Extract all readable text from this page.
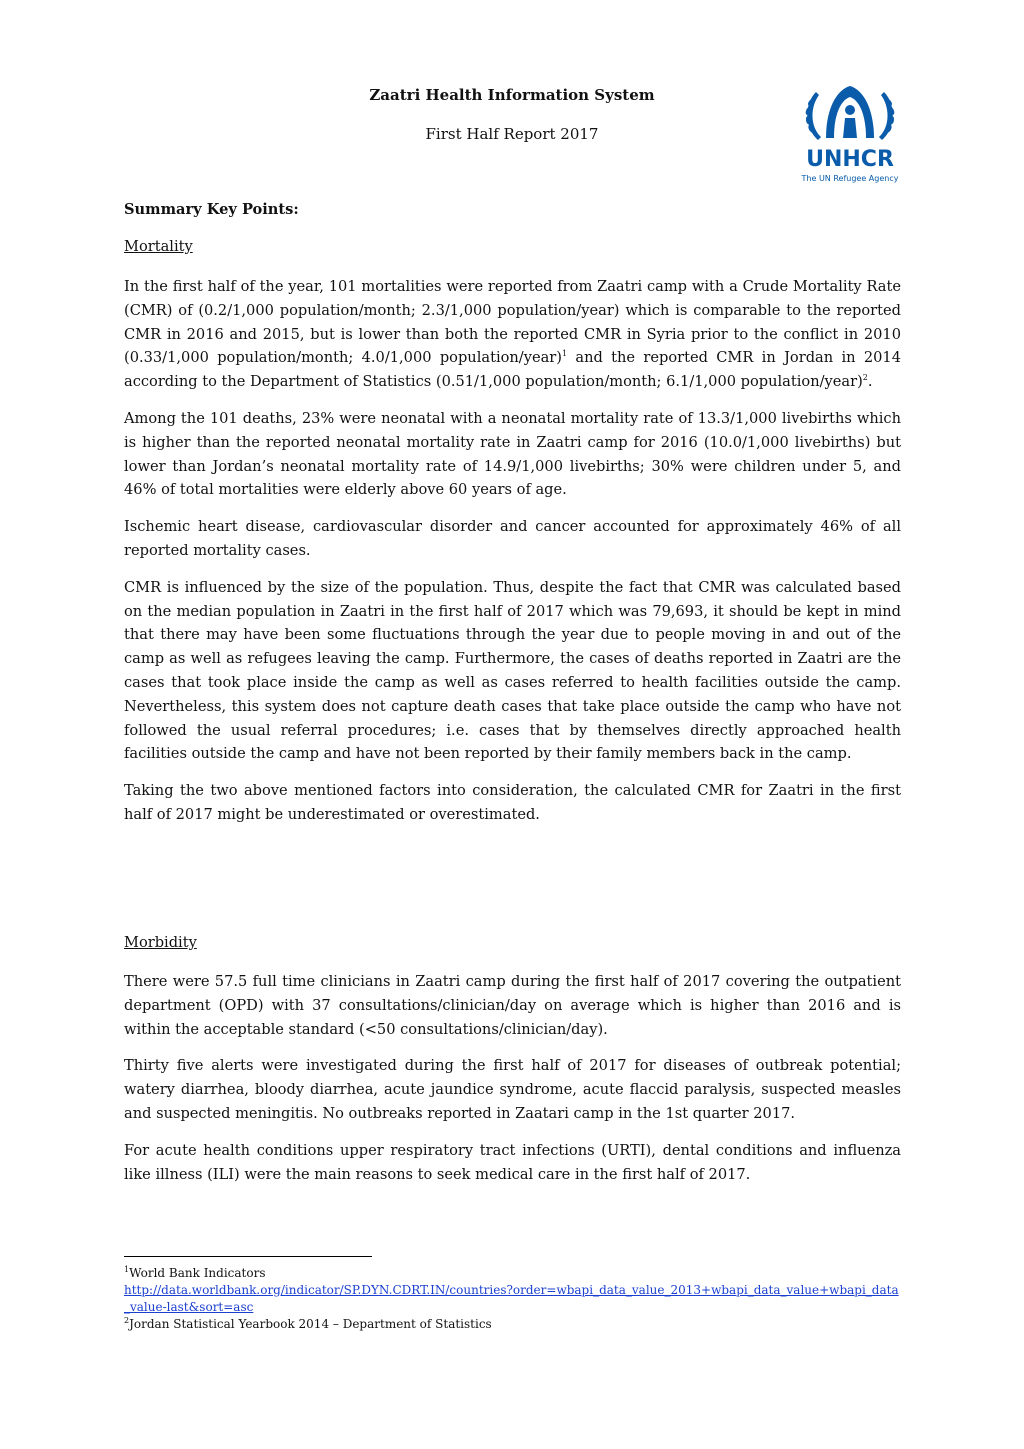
Zaatri Health Information System
First Half Report 2017
UNHCR
The UN Refugee Agency
Summary Key Points:
Mortality

In the first half of the year, 101 mortalities were reported from Zaatri camp with a Crude Mortality Rate (CMR) of (0.2/1,000 population/month; 2.3/1,000 population/year) which is comparable to the reported CMR in 2016 and 2015, but is lower than both the reported CMR in Syria prior to the conflict in 2010 (0.33/1,000 population/month; 4.0/1,000 population/year)$^1$ and the reported CMR in Jordan in 2014 according to the Department of Statistics (0.51/1,000 population/month; 6.1/1,000 population/year)$^2$.

Among the 101 deaths, 23% were neonatal with a neonatal mortality rate of 13.3/1,000 livebirths which is higher than the reported neonatal mortality rate in Zaatri camp for 2016 (10.0/1,000 livebirths) but lower than Jordan’s neonatal mortality rate of 14.9/1,000 livebirths; 30% were children under 5, and 46% of total mortalities were elderly above 60 years of age.

Ischemic heart disease, cardiovascular disorder and cancer accounted for approximately 46% of all reported mortality cases.

CMR is influenced by the size of the population. Thus, despite the fact that CMR was calculated based on the median population in Zaatri in the first half of 2017 which was 79,693, it should be kept in mind that there may have been some fluctuations through the year due to people moving in and out of the camp as well as refugees leaving the camp. Furthermore, the cases of deaths reported in Zaatri are the cases that took place inside the camp as well as cases referred to health facilities outside the camp. Nevertheless, this system does not capture death cases that take place outside the camp who have not followed the usual referral procedures; i.e. cases that by themselves directly approached health facilities outside the camp and have not been reported by their family members back in the camp.

Taking the two above mentioned factors into consideration, the calculated CMR for Zaatri in the first half of 2017 might be underestimated or overestimated.

Morbidity

There were 57.5 full time clinicians in Zaatri camp during the first half of 2017 covering the outpatient department (OPD) with 37 consultations/clinician/day on average which is higher than 2016 and is within the acceptable standard (<50 consultations/clinician/day).

Thirty five alerts were investigated during the first half of 2017 for diseases of outbreak potential; watery diarrhea, bloody diarrhea, acute jaundice syndrome, acute flaccid paralysis, suspected measles and suspected meningitis. No outbreaks reported in Zaatari camp in the 1st quarter 2017.

For acute health conditions upper respiratory tract infections (URTI), dental conditions and influenza like illness (ILI) were the main reasons to seek medical care in the first half of 2017.

$^1$World Bank Indicators
http://data.worldbank.org/indicator/SP.DYN.CDRT.IN/countries?order=wbapi_data_value_2013+wbapi_data_value+wbapi_data_value-last&sort=asc
$^2$Jordan Statistical Yearbook 2014 – Department of Statistics
